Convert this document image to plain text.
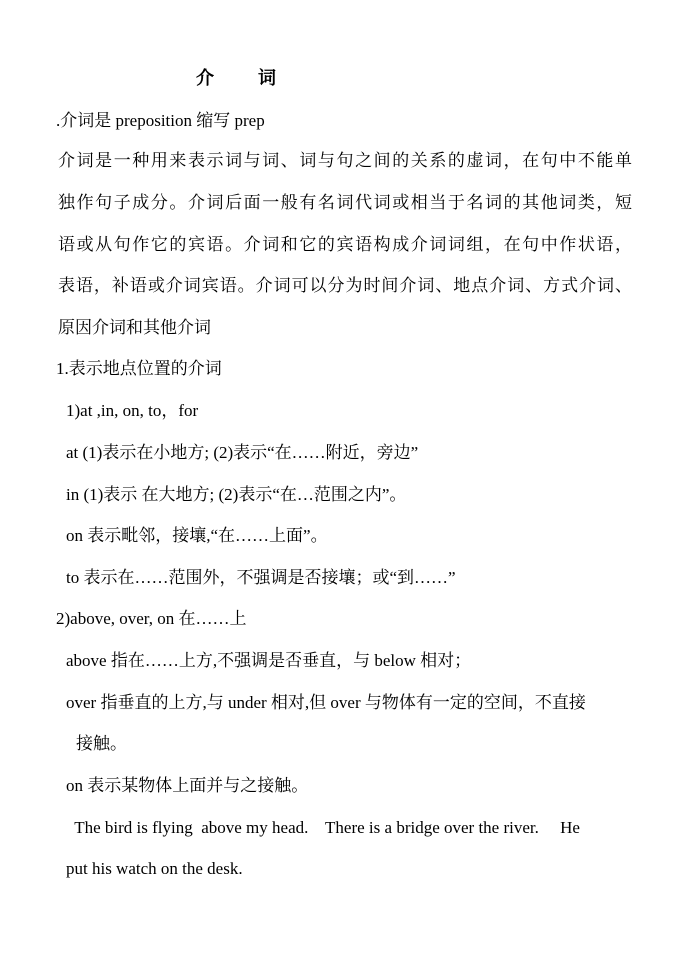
介 词
.介词是 preposition 缩写 prep
介词是一种用来表示词与词、词与句之间的关系的虚词，在句中不能单
独作句子成分。介词后面一般有名词代词或相当于名词的其他词类，短
语或从句作它的宾语。介词和它的宾语构成介词词组，在句中作状语，
表语，补语或介词宾语。介词可以分为时间介词、地点介词、方式介词、
原因介词和其他介词
1.表示地点位置的介词
1)at ,in, on, to，for
at (1)表示在小地方; (2)表示“在……附近，旁边”
in (1)表示 在大地方; (2)表示“在…范围之内”。
on 表示毗邻，接壤,“在……上面”。
to 表示在……范围外，不强调是否接壤；或“到……”
2)above, over, on 在……上
above 指在……上方,不强调是否垂直，与 below 相对；
over 指垂直的上方,与 under 相对,但 over 与物体有一定的空间，不直接
接触。
on 表示某物体上面并与之接触。
The bird is flying  above my head.    There is a bridge over the river.     He
put his watch on the desk.
